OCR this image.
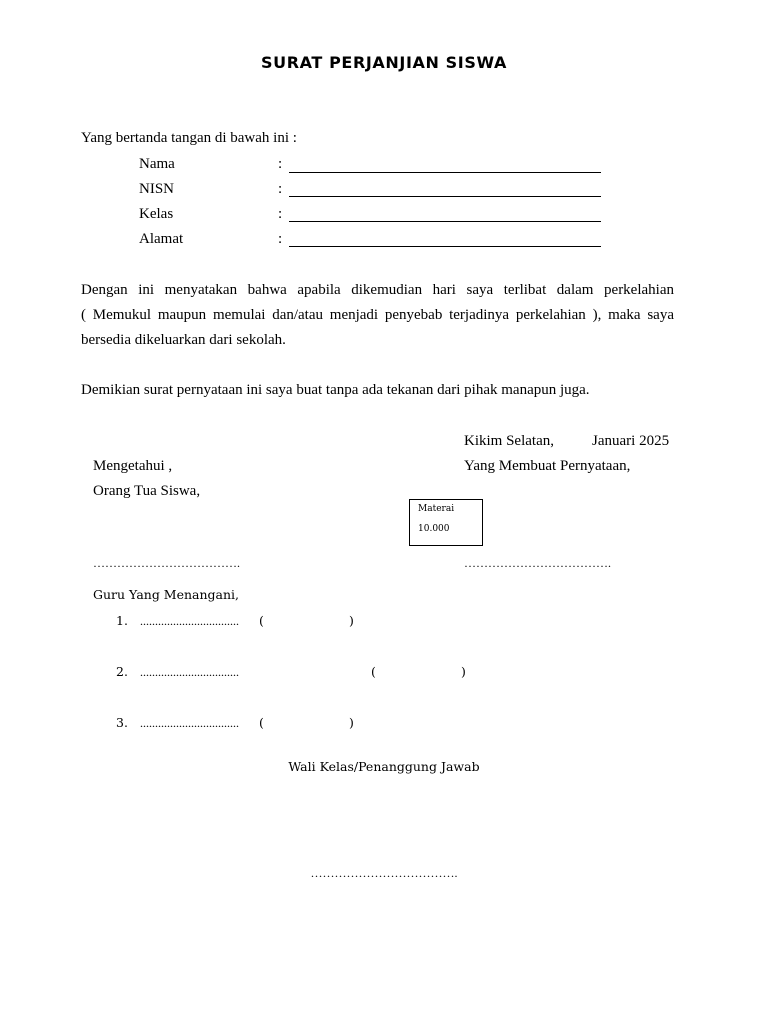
SURAT PERJANJIAN SISWA
Yang bertanda tangan di bawah ini :
Nama	:
NISN	:
Kelas	:
Alamat	:
Dengan ini menyatakan bahwa apabila dikemudian hari saya terlibat dalam perkelahian
( Memukul maupun memulai dan/atau menjadi penyebab terjadinya perkelahian ), maka saya
bersedia dikeluarkan dari sekolah.
Demikian surat pernyataan ini saya buat tanpa ada tekanan dari pihak manapun juga.
Kikim Selatan,	Januari 2025
Mengetahui ,
Orang Tua Siswa,
……………………………….
Yang Membuat Pernyataan,
Materai
10.000
……………………………….
Guru Yang Menangani,
1. ................................. (	)
2. .................................	(	)
3. ................................. (	)
Wali Kelas/Penanggung Jawab
……………………………….
